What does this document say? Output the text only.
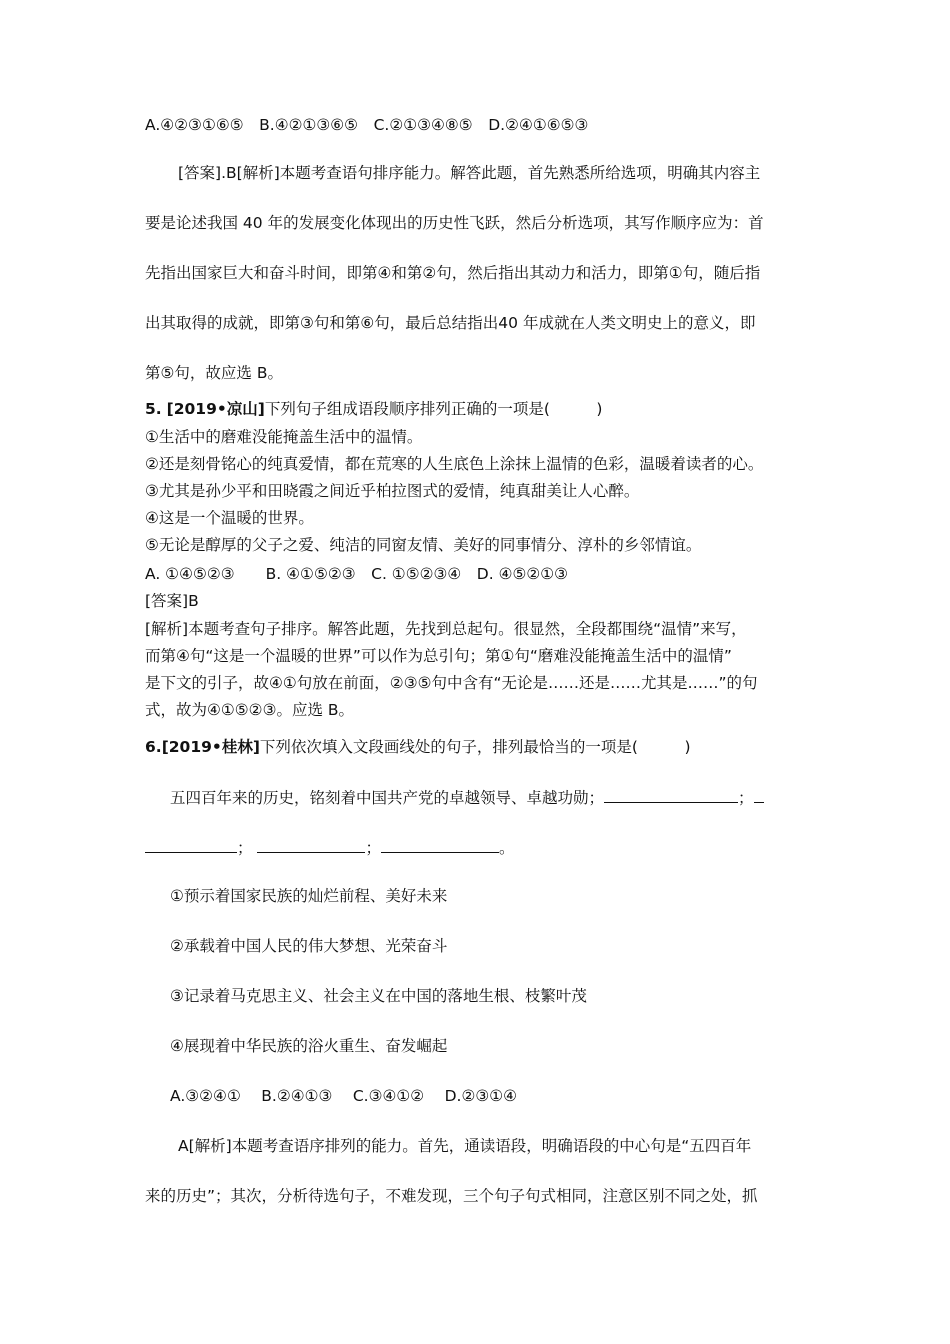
A.④②③①⑥⑤　B.④②①③⑥⑤　C.②①③④⑧⑤　D.②④①⑥⑤③
[答案].B[解析]本题考查语句排序能力。解答此题，首先熟悉所给选项，明确其内容主
要是论述我国 40 年的发展变化体现出的历史性飞跃，然后分析选项，其写作顺序应为：首
先指出国家巨大和奋斗时间，即第④和第②句，然后指出其动力和活力，即第①句，随后指
出其取得的成就，即第③句和第⑥句，最后总结指出40 年成就在人类文明史上的意义，即
第⑤句，故应选 B。
5. [2019•凉山]下列句子组成语段顺序排列正确的一项是(　　　)
①生活中的磨难没能掩盖生活中的温情。
②还是刻骨铭心的纯真爱情，都在荒寒的人生底色上涂抹上温情的色彩，温暖着读者的心。
③尤其是孙少平和田晓霞之间近乎柏拉图式的爱情，纯真甜美让人心醉。
④这是一个温暖的世界。
⑤无论是醇厚的父子之爱、纯洁的同窗友情、美好的同事情分、淳朴的乡邻情谊。
A. ①④⑤②③　　B. ④①⑤②③　C. ①⑤②③④　D. ④⑤②①③
[答案]B
[解析]本题考查句子排序。解答此题，先找到总起句。很显然，全段都围绕“温情”来写，
而第④句“这是一个温暖的世界”可以作为总引句；第①句“磨难没能掩盖生活中的温情”
是下文的引子，故④①句放在前面，②③⑤句中含有“无论是……还是……尤其是……”的句
式，故为④①⑤②③。应选 B。
6.[2019•桂林]下列依次填入文段画线处的句子，排列最恰当的一项是(　　　)
五四百年来的历史，铭刻着中国共产党的卓越领导、卓越功勋；	；
；	；	。
①预示着国家民族的灿烂前程、美好未来
②承载着中国人民的伟大梦想、光荣奋斗
③记录着马克思主义、社会主义在中国的落地生根、枝繁叶茂
④展现着中华民族的浴火重生、奋发崛起
A.③②④①　 B.②④①③　 C.③④①②　 D.②③①④
A[解析]本题考查语序排列的能力。首先，通读语段，明确语段的中心句是“五四百年
来的历史”；其次，分析待选句子，不难发现，三个句子句式相同，注意区别不同之处，抓
